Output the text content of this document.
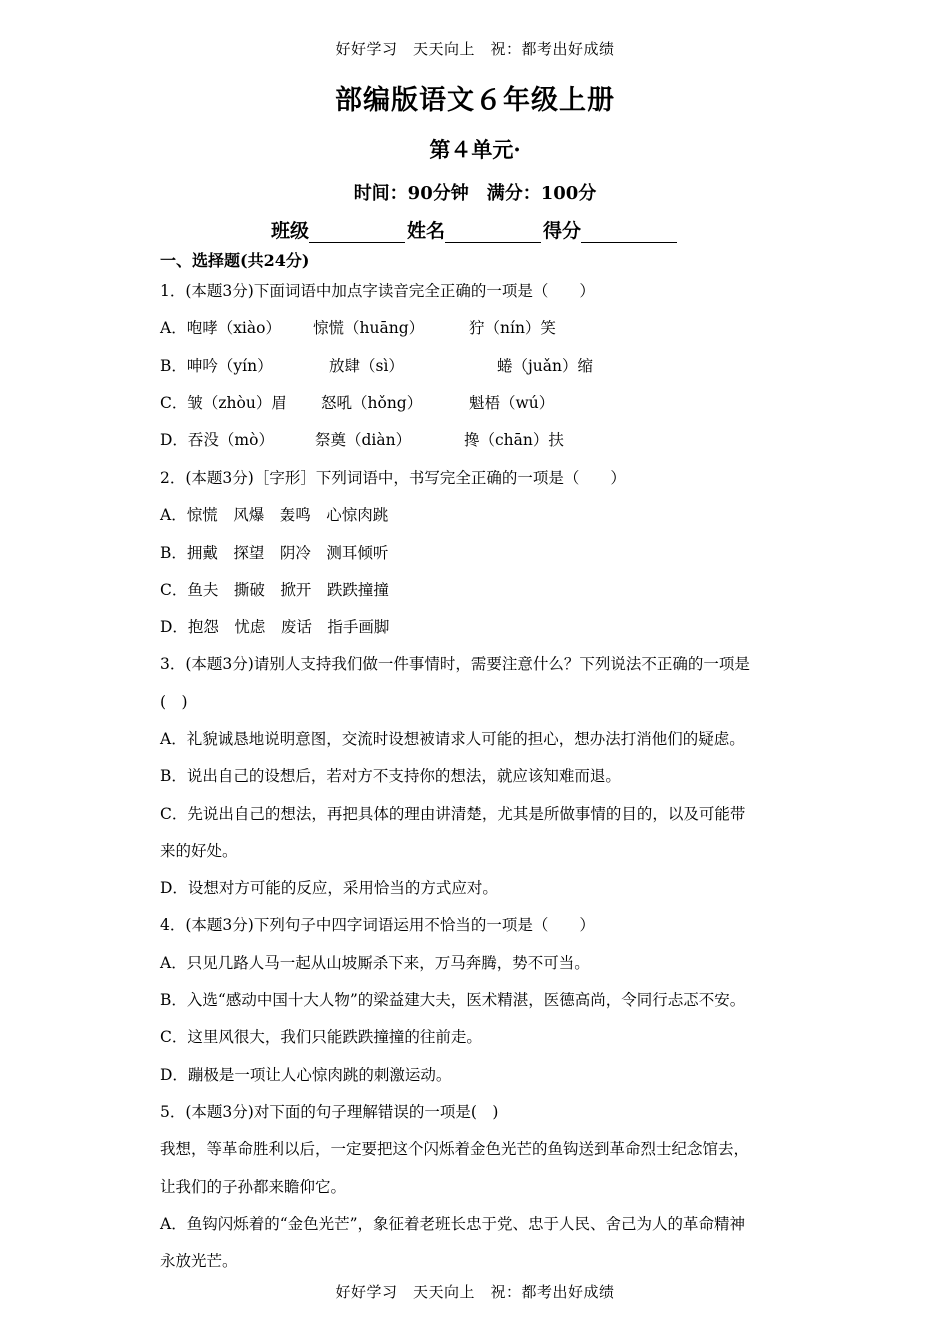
好好学习　天天向上　祝：都考出好成绩
部编版语文６年级上册
第４单元·
时间：90分钟　满分：100分
班级	姓名	得分
一、选择题(共24分)
1．(本题3分)下面词语中加点字读音完全正确的一项是（　　）
A．咆哮（xiào） 惊慌（huāng）	狞（nín）笑
B．呻吟（yín）	放肆（sì）	蜷（juǎn）缩
C．皱（zhòu）眉 怒吼（hǒng）	魁梧（wú）
D．吞没（mò）	祭奠（diàn）	搀（chān）扶
2．(本题3分)［字形］下列词语中，书写完全正确的一项是（　　）
A．惊慌　风爆　轰鸣　心惊肉跳
B．拥戴　探望　阴冷　测耳倾听
C．鱼夫　撕破　掀开　跌跌撞撞
D．抱怨　忧虑　废话　指手画脚
3．(本题3分)请别人支持我们做一件事情时，需要注意什么？下列说法不正确的一项是
(　)
A．礼貌诚恳地说明意图，交流时设想被请求人可能的担心，想办法打消他们的疑虑。
B．说出自己的设想后，若对方不支持你的想法，就应该知难而退。
C．先说出自己的想法，再把具体的理由讲清楚，尤其是所做事情的目的，以及可能带
来的好处。
D．设想对方可能的反应，采用恰当的方式应对。
4．(本题3分)下列句子中四字词语运用不恰当的一项是（　　）
A．只见几路人马一起从山坡厮杀下来，万马奔腾，势不可当。
B．入选“感动中国十大人物”的梁益建大夫，医术精湛，医德高尚，令同行忐忑不安。
C．这里风很大，我们只能跌跌撞撞的往前走。
D．蹦极是一项让人心惊肉跳的刺激运动。
5．(本题3分)对下面的句子理解错误的一项是(　)
我想，等革命胜利以后，一定要把这个闪烁着金色光芒的鱼钩送到革命烈士纪念馆去，
让我们的子孙都来瞻仰它。
A．鱼钩闪烁着的“金色光芒”，象征着老班长忠于党、忠于人民、舍己为人的革命精神
永放光芒。
好好学习　天天向上　祝：都考出好成绩
